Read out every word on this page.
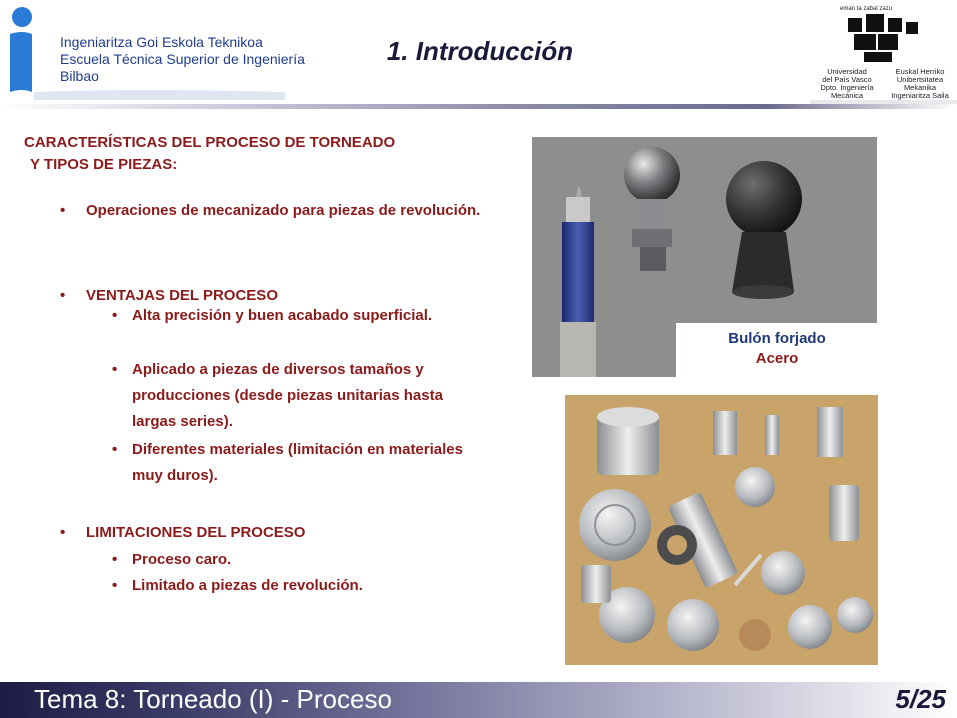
Ingeniaritza Goi Eskola Teknikoa
Escuela Técnica Superior de Ingeniería
Bilbao
1. Introducción
eman ta zabal zazu
Universidad
del País Vasco
Dpto. Ingeniería
Mecánica
Euskal Herriko
Unibertsitatea
Mekanika
Ingeniaritza Saila
CARACTERÍSTICAS DEL PROCESO DE TORNEADO
Y TIPOS DE PIEZAS:
•	Operaciones de mecanizado para piezas de revolución.
•	VENTAJAS DEL PROCESO
• Alta precisión y buen acabado superficial.
• Aplicado a piezas de diversos tamaños y producciones (desde piezas unitarias hasta largas series).
• Diferentes materiales (limitación en materiales muy duros).
•	LIMITACIONES DEL PROCESO
• Proceso caro.
• Limitado a piezas de revolución.
Bulón forjado
Acero
Tema 8: Torneado (I) - Proceso	5/25
